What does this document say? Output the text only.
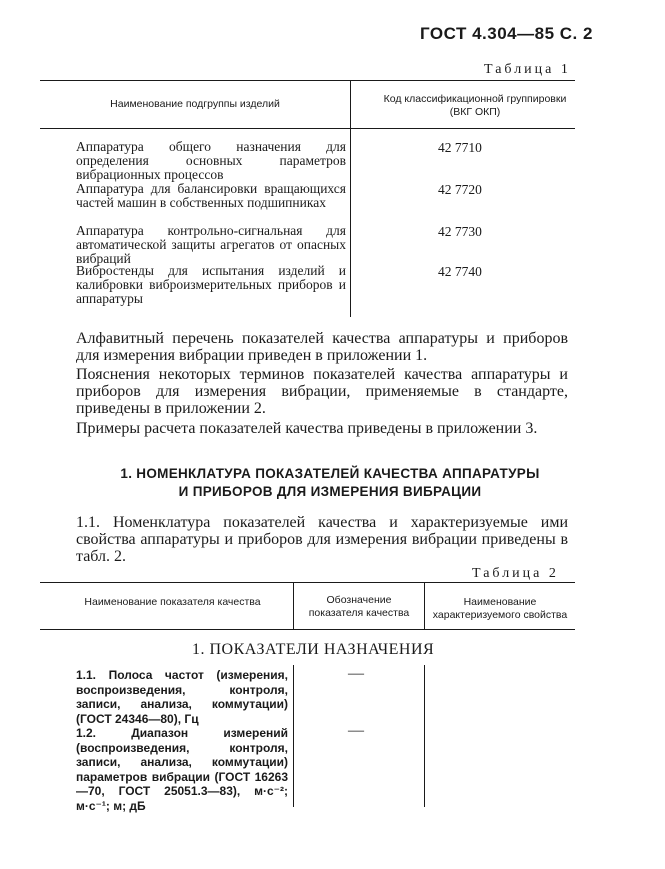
ГОСТ 4.304—85 С. 2
Таблица 1
Наименование подгруппы изделий	Код классификационной группировки (ВКГ ОКП)
Аппаратура общего назначения для определения основных параметров вибрационных процессов
42 7710
Аппаратура для балансировки вращающихся частей машин в собственных подшипниках
42 7720
Аппаратура контрольно-сигнальная для автоматической защиты агрегатов от опасных вибраций
42 7730
Вибростенды для испытания изделий и калибровки виброизмерительных приборов и аппаратуры
42 7740
Алфавитный перечень показателей качества аппаратуры и приборов для измерения вибрации приведен в приложении 1.
Пояснения некоторых терминов показателей качества аппаратуры и приборов для измерения вибрации, применяемые в стандарте, приведены в приложении 2.
Примеры расчета показателей качества приведены в приложении 3.
1. НОМЕНКЛАТУРА ПОКАЗАТЕЛЕЙ КАЧЕСТВА АППАРАТУРЫ
И ПРИБОРОВ ДЛЯ ИЗМЕРЕНИЯ ВИБРАЦИИ
1.1. Номенклатура показателей качества и характеризуемые ими свойства аппаратуры и приборов для измерения вибрации приведены в табл. 2.
Таблица 2
Наименование показателя качества	Обозначение показателя качества
Наименование характеризуемого свойства
1. ПОКАЗАТЕЛИ НАЗНАЧЕНИЯ
1.1. Полоса частот (измерения, воспроизведения, контроля, записи, анализа, коммутации) (ГОСТ 24346—80), Гц
—
1.2. Диапазон измерений (воспроизведения, контроля, записи, анализа, коммутации) параметров вибрации (ГОСТ 16263—70, ГОСТ 25051.3—83), м·с⁻²; м·с⁻¹; м; дБ
—
